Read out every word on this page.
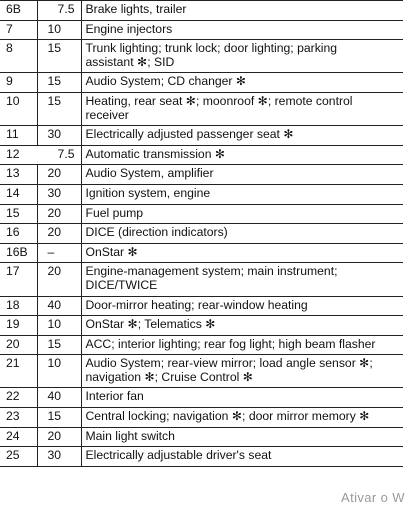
6B	7.5	Brake lights, trailer

7	10	Engine injectors

8	15	Trunk lighting; trunk lock; door lighting; parking
assistant ✻; SID

9	15	Audio System; CD changer ✻

10	15	Heating, rear seat ✻; moonroof ✻; remote control
receiver

11	30	Electrically adjusted passenger seat ✻

12	7.5	Automatic transmission ✻

13	20	Audio System, amplifier

14	30	Ignition system, engine

15	20	Fuel pump

16	20	DICE (direction indicators)

16B	–	OnStar ✻

17	20	Engine-management system; main instrument;
DICE/TWICE

18	40	Door-mirror heating; rear-window heating

19	10	OnStar ✻; Telematics ✻

20	15	ACC; interior lighting; rear fog light; high beam flasher

21	10	Audio System; rear-view mirror; load angle sensor ✻;
navigation ✻; Cruise Control ✻

22	40	Interior fan

23	15	Central locking; navigation ✻; door mirror memory ✻

24	20	Main light switch

25	30	Electrically adjustable driver's seat
Ativar o W
